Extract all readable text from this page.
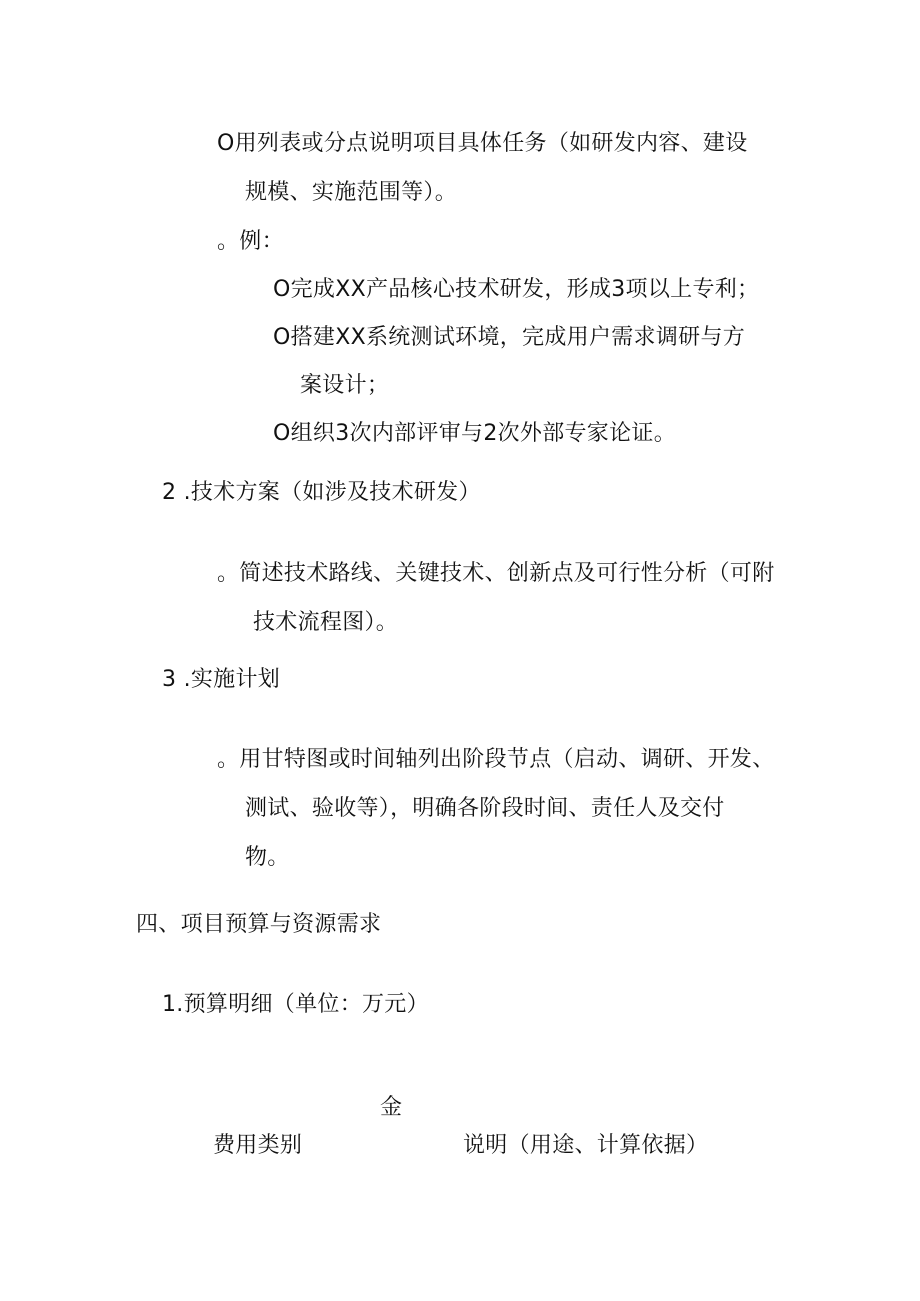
O用列表或分点说明项目具体任务（如研发内容、建设
规模、实施范围等）。
。例：
O完成XX产品核心技术研发，形成3项以上专利；
O搭建XX系统测试环境，完成用户需求调研与方
案设计；
O组织3次内部评审与2次外部专家论证。
2 .技术方案（如涉及技术研发）
。简述技术路线、关键技术、创新点及可行性分析（可附
技术流程图）。
3 .实施计划
。用甘特图或时间轴列出阶段节点（启动、调研、开发、
测试、验收等），明确各阶段时间、责任人及交付
物。
四、项目预算与资源需求
1.预算明细（单位：万元）
金
费用类别	说明（用途、计算依据）
